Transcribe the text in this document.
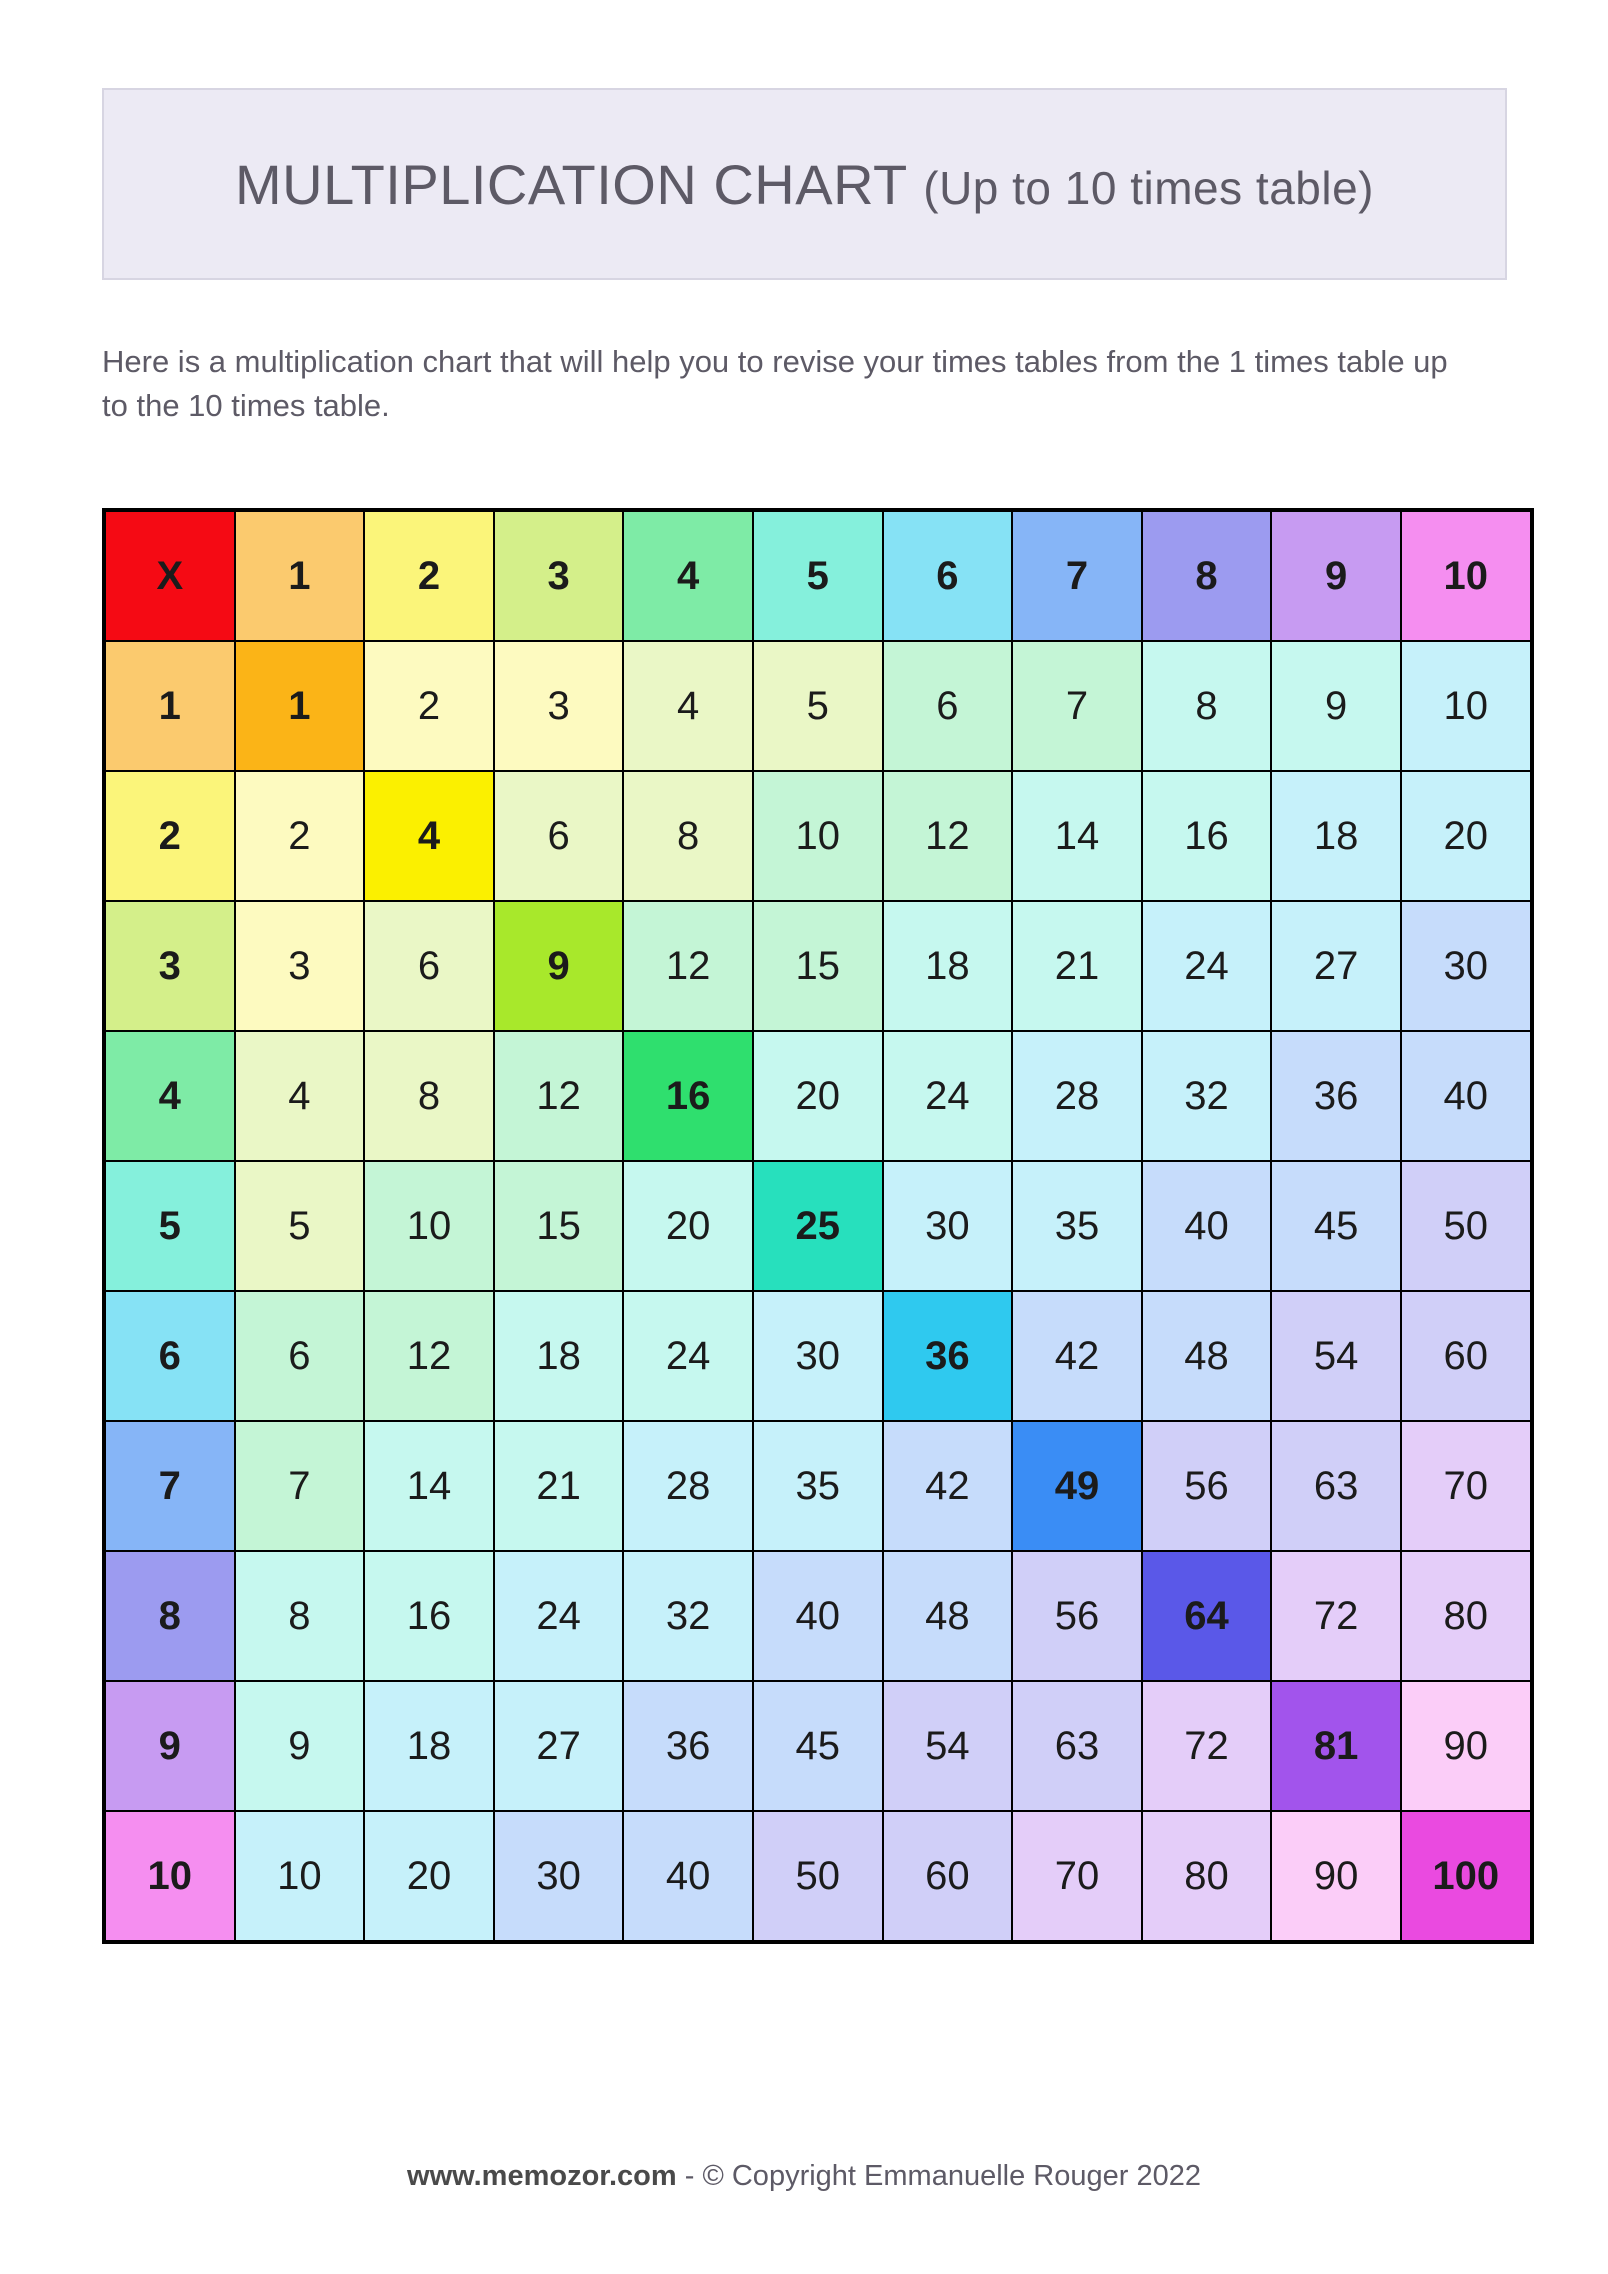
MULTIPLICATION CHART (Up to 10 times table)
Here is a multiplication chart that will help you to revise your times tables from the 1 times table up to the 10 times table.
X	1	2	3	4	5	6	7	8	9	10
1	1	2	3	4	5	6	7	8	9	10
2	2	4	6	8	10	12	14	16	18	20
3	3	6	9	12	15	18	21	24	27	30
4	4	8	12	16	20	24	28	32	36	40
5	5	10	15	20	25	30	35	40	45	50
6	6	12	18	24	30	36	42	48	54	60
7	7	14	21	28	35	42	49	56	63	70
8	8	16	24	32	40	48	56	64	72	80
9	9	18	27	36	45	54	63	72	81	90
10	10	20	30	40	50	60	70	80	90	100
www.memozor.com - © Copyright Emmanuelle Rouger 2022
